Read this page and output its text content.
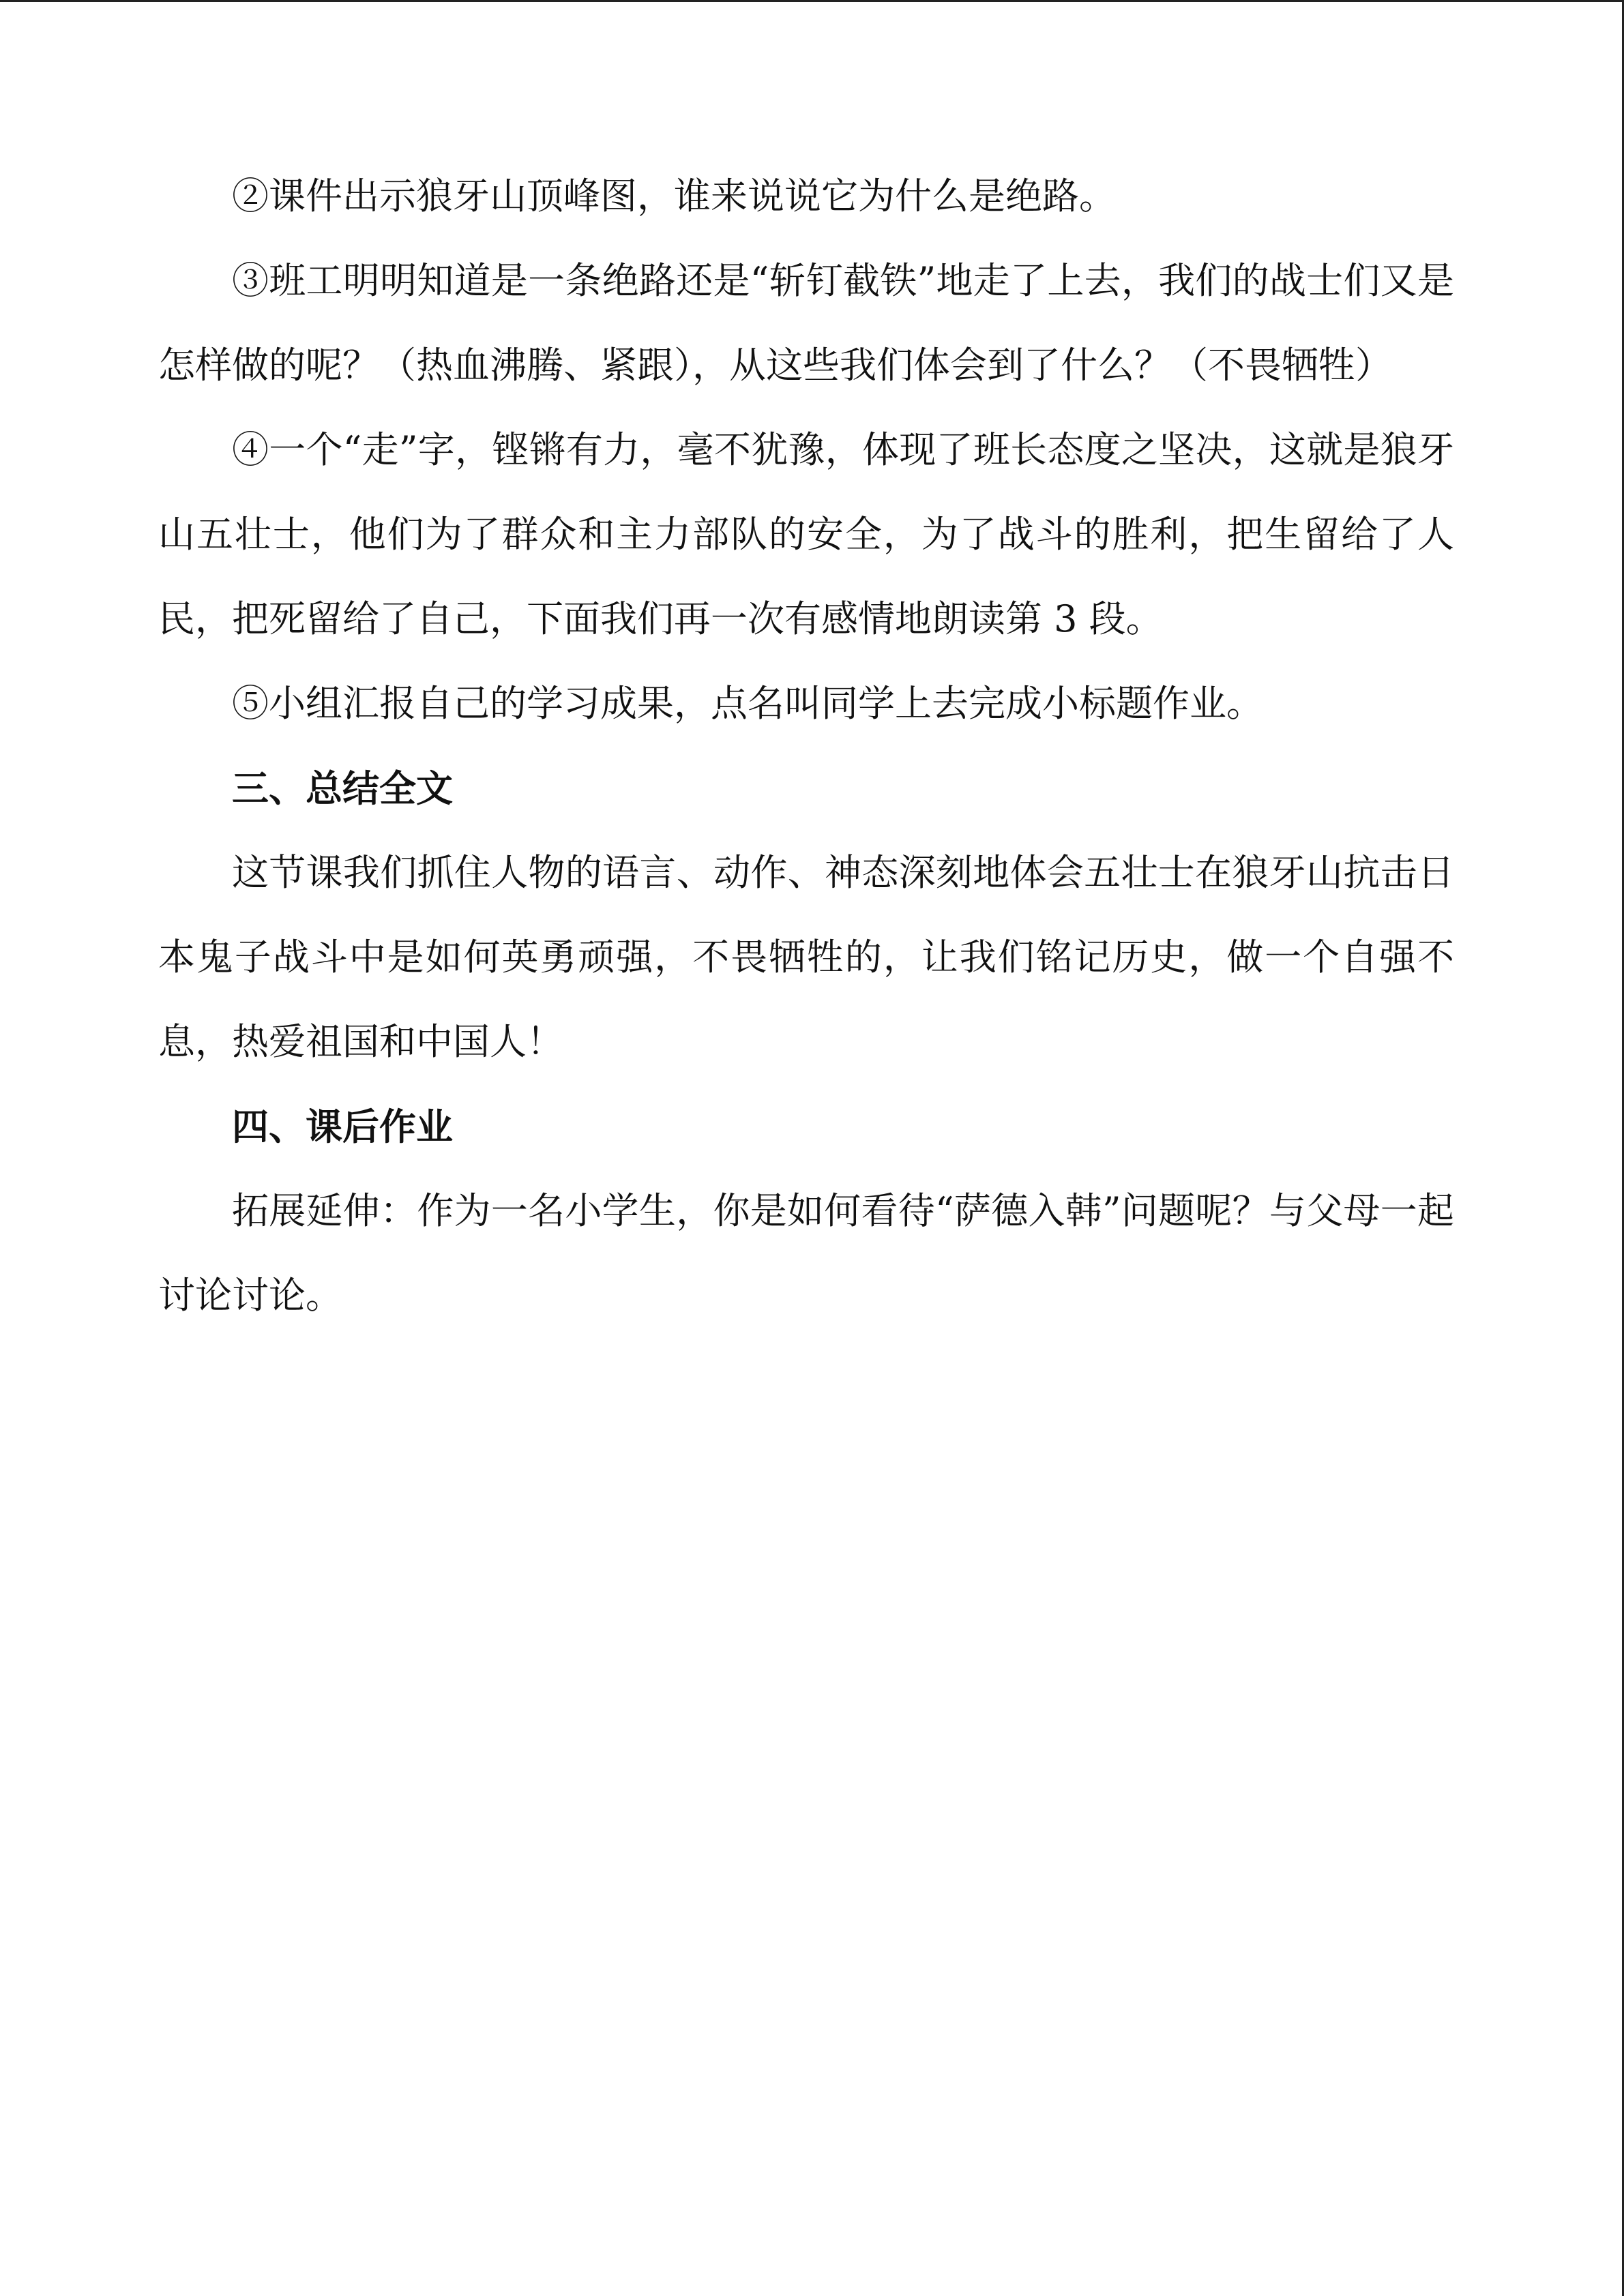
②课件出示狼牙山顶峰图，谁来说说它为什么是绝路。

③班工明明知道是一条绝路还是“斩钉截铁”地走了上去，我们的战士们又是怎样做的呢？（热血沸腾、紧跟），从这些我们体会到了什么？（不畏牺牲）

④一个“走”字，铿锵有力，毫不犹豫，体现了班长态度之坚决，这就是狼牙山五壮士，他们为了群众和主力部队的安全，为了战斗的胜利，把生留给了人民，把死留给了自己，下面我们再一次有感情地朗读第 3 段。

⑤小组汇报自己的学习成果，点名叫同学上去完成小标题作业。

三、总结全文

这节课我们抓住人物的语言、动作、神态深刻地体会五壮士在狼牙山抗击日本鬼子战斗中是如何英勇顽强，不畏牺牲的，让我们铭记历史，做一个自强不息，热爱祖国和中国人！

四、课后作业

拓展延伸：作为一名小学生，你是如何看待“萨德入韩”问题呢？与父母一起讨论讨论。
